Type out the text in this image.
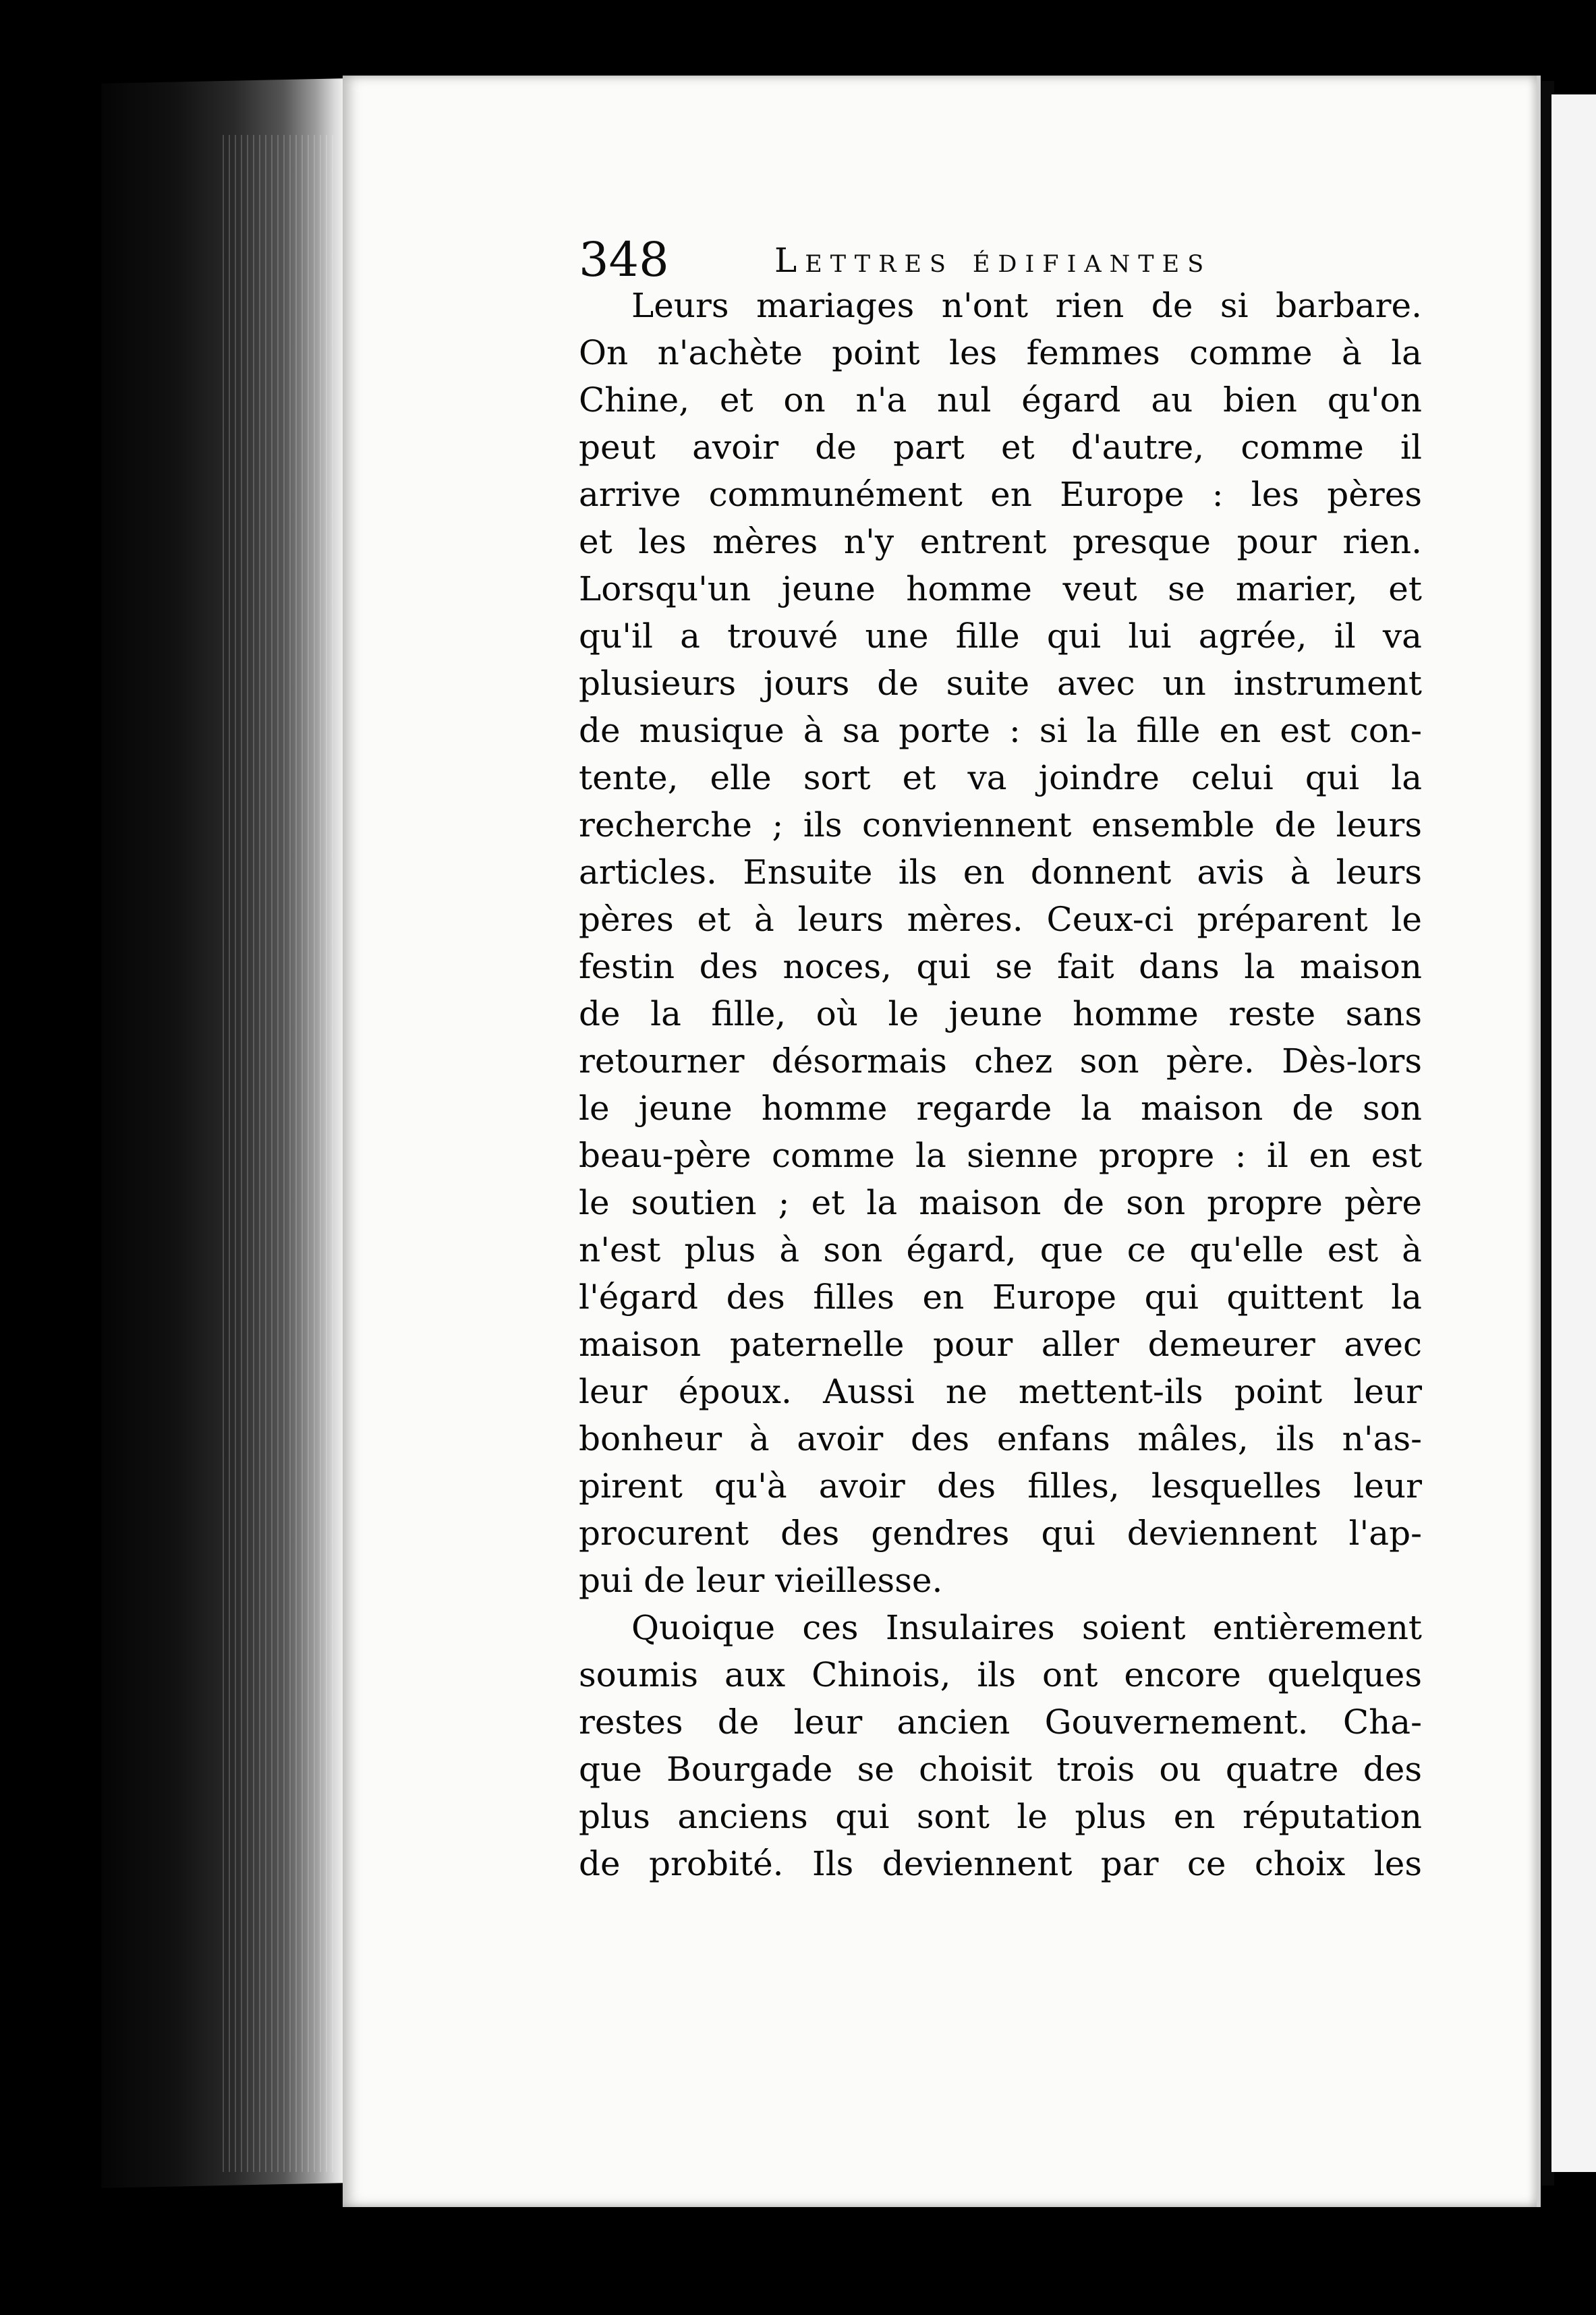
348	Lettres édifiantes
Leurs mariages n'ont rien de si barbare.
On n'achète point les femmes comme à la
Chine, et on n'a nul égard au bien qu'on
peut avoir de part et d'autre, comme il
arrive communément en Europe : les pères
et les mères n'y entrent presque pour rien.
Lorsqu'un jeune homme veut se marier, et
qu'il a trouvé une fille qui lui agrée, il va
plusieurs jours de suite avec un instrument
de musique à sa porte : si la fille en est con-
tente, elle sort et va joindre celui qui la
recherche ; ils conviennent ensemble de leurs
articles. Ensuite ils en donnent avis à leurs
pères et à leurs mères. Ceux-ci préparent le
festin des noces, qui se fait dans la maison
de la fille, où le jeune homme reste sans
retourner désormais chez son père. Dès-lors
le jeune homme regarde la maison de son
beau-père comme la sienne propre : il en est
le soutien ; et la maison de son propre père
n'est plus à son égard, que ce qu'elle est à
l'égard des filles en Europe qui quittent la
maison paternelle pour aller demeurer avec
leur époux. Aussi ne mettent-ils point leur
bonheur à avoir des enfans mâles, ils n'as-
pirent qu'à avoir des filles, lesquelles leur
procurent des gendres qui deviennent l'ap-
pui de leur vieillesse.
Quoique ces Insulaires soient entièrement
soumis aux Chinois, ils ont encore quelques
restes de leur ancien Gouvernement. Cha-
que Bourgade se choisit trois ou quatre des
plus anciens qui sont le plus en réputation
de probité. Ils deviennent par ce choix les
